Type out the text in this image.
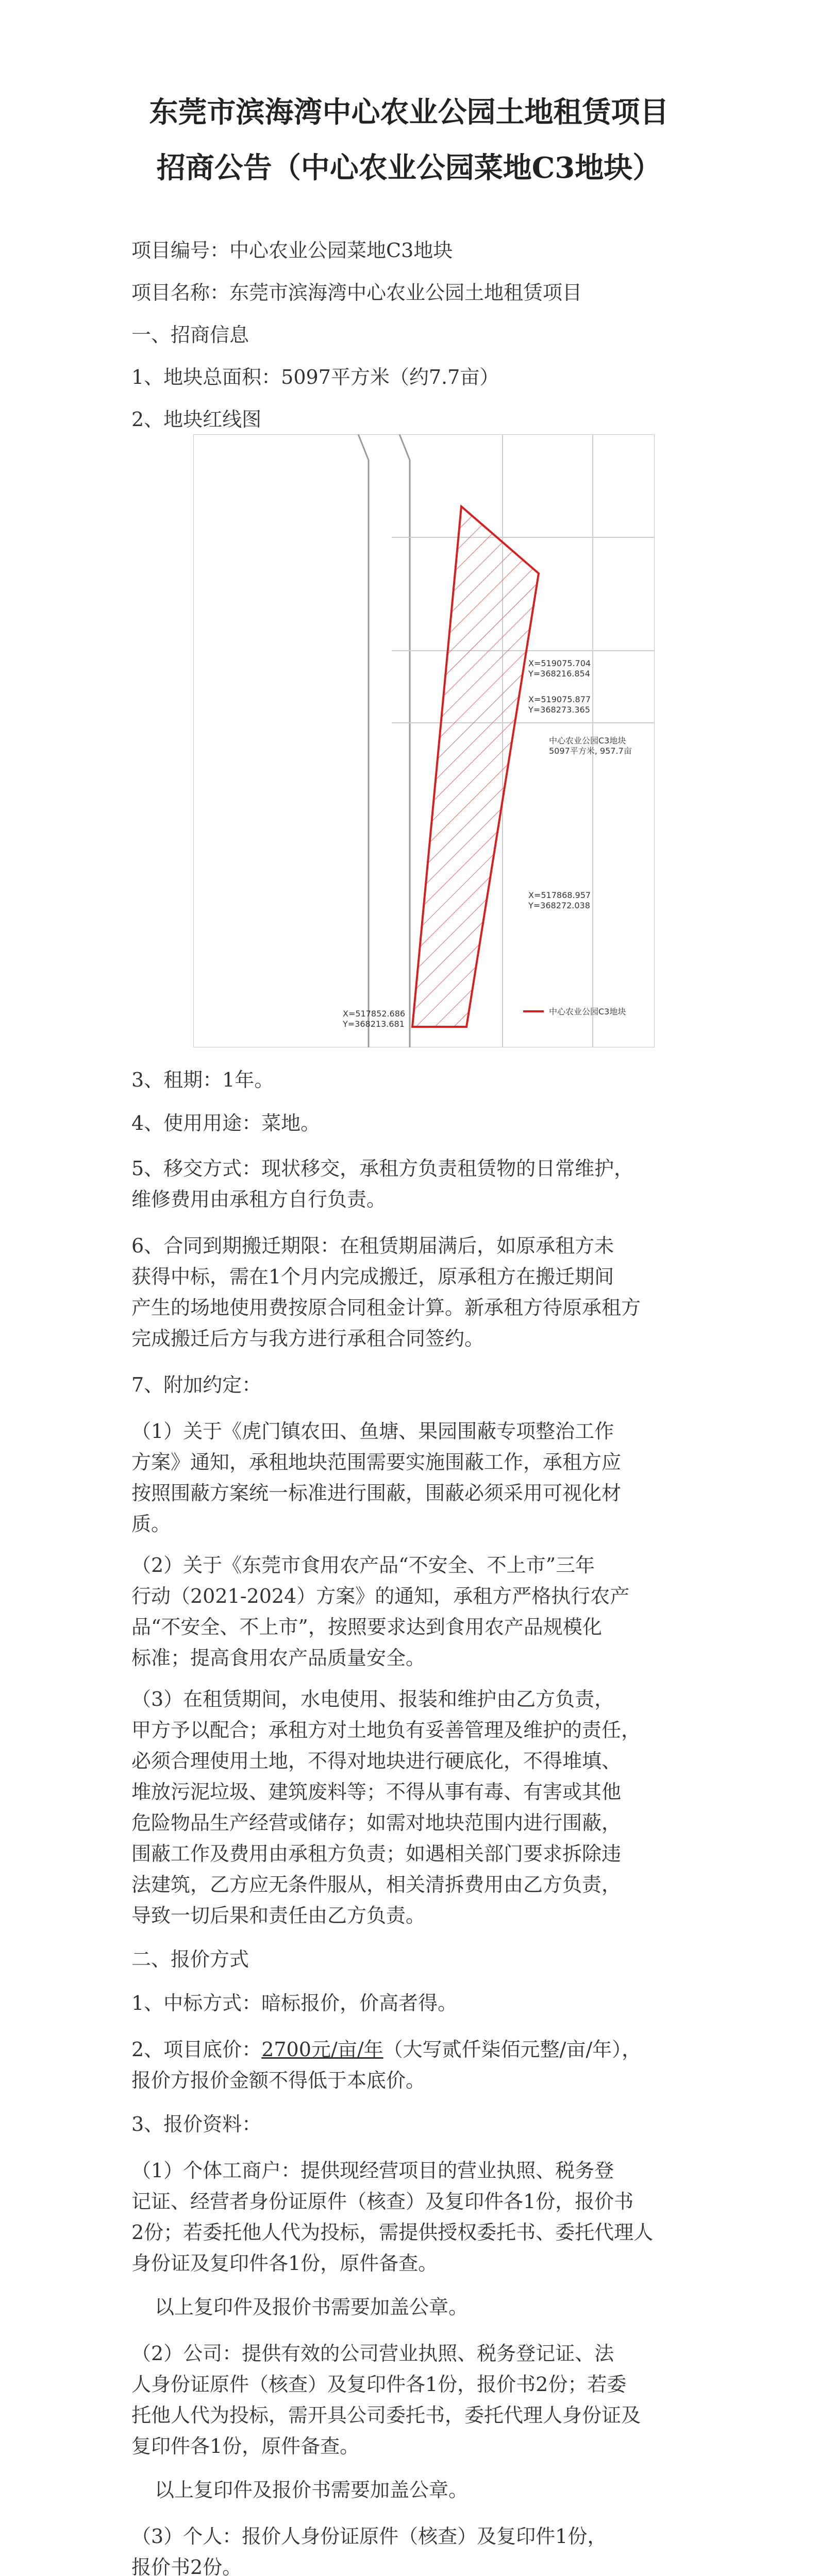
东莞市滨海湾中心农业公园土地租赁项目
招商公告（中心农业公园菜地C3地块）
项目编号：中心农业公园菜地C3地块
项目名称：东莞市滨海湾中心农业公园土地租赁项目
一、招商信息
1、地块总面积：5097平方米（约7.7亩）
2、地块红线图
X=519075.704
Y=368216.854
X=519075.877
Y=368273.365
中心农业公园C3地块
5097平方米, 957.7亩
X=517868.957
Y=368272.038
X=517852.686
Y=368213.681
中心农业公园C3地块
3、租期：1年。
4、使用用途：菜地。
5、移交方式：现状移交，承租方负责租赁物的日常维护，
维修费用由承租方自行负责。
6、合同到期搬迁期限：在租赁期届满后，如原承租方未
获得中标，需在1个月内完成搬迁，原承租方在搬迁期间
产生的场地使用费按原合同租金计算。新承租方待原承租方
完成搬迁后方与我方进行承租合同签约。
7、附加约定：
（1）关于《虎门镇农田、鱼塘、果园围蔽专项整治工作
方案》通知，承租地块范围需要实施围蔽工作，承租方应
按照围蔽方案统一标准进行围蔽，围蔽必须采用可视化材
质。
（2）关于《东莞市食用农产品“不安全、不上市”三年
行动（2021-2024）方案》的通知，承租方严格执行农产
品“不安全、不上市”，按照要求达到食用农产品规模化
标准；提高食用农产品质量安全。
（3）在租赁期间，水电使用、报装和维护由乙方负责，
甲方予以配合；承租方对土地负有妥善管理及维护的责任，
必须合理使用土地，不得对地块进行硬底化，不得堆填、
堆放污泥垃圾、建筑废料等；不得从事有毒、有害或其他
危险物品生产经营或储存；如需对地块范围内进行围蔽，
围蔽工作及费用由承租方负责；如遇相关部门要求拆除违
法建筑，乙方应无条件服从，相关清拆费用由乙方负责，
导致一切后果和责任由乙方负责。
二、报价方式
1、中标方式：暗标报价，价高者得。
2、项目底价：2700元/亩/年（大写贰仟柒佰元整/亩/年），
报价方报价金额不得低于本底价。
3、报价资料：
（1）个体工商户：提供现经营项目的营业执照、税务登
记证、经营者身份证原件（核查）及复印件各1份，报价书
2份；若委托他人代为投标，需提供授权委托书、委托代理人
身份证及复印件各1份，原件备查。
以上复印件及报价书需要加盖公章。
（2）公司：提供有效的公司营业执照、税务登记证、法
人身份证原件（核查）及复印件各1份，报价书2份；若委
托他人代为投标，需开具公司委托书，委托代理人身份证及
复印件各1份，原件备查。
以上复印件及报价书需要加盖公章。
（3）个人：报价人身份证原件（核查）及复印件1份，
报价书2份。
